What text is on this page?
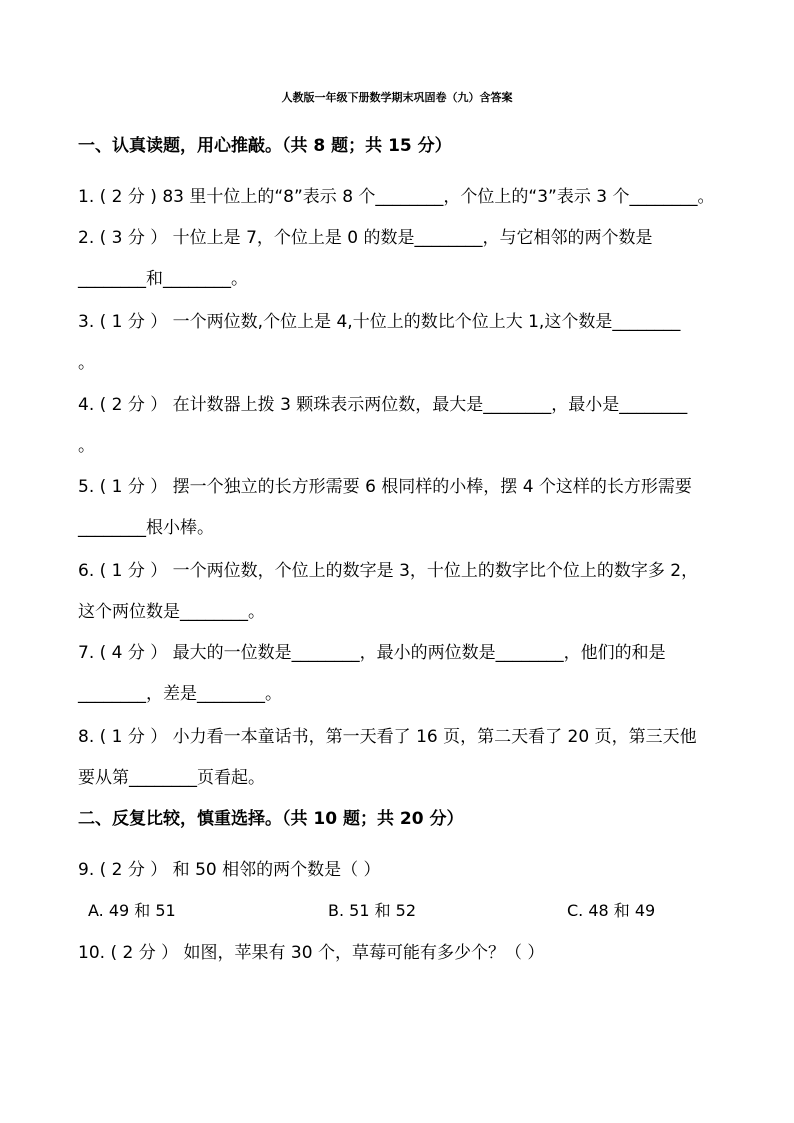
人教版一年级下册数学期末巩固卷（九）含答案
一、认真读题，用心推敲。（共 8 题；共 15 分）
1. ( 2 分 ) 83 里十位上的“8”表示 8 个________，个位上的“3”表示 3 个________。
2. ( 3 分 ） 十位上是 7，个位上是 0 的数是________，与它相邻的两个数是
________和________。
3. ( 1 分 ） 一个两位数,个位上是 4,十位上的数比个位上大 1,这个数是________
。
4. ( 2 分 ） 在计数器上拨 3 颗珠表示两位数，最大是________，最小是________
。
5. ( 1 分 ） 摆一个独立的长方形需要 6 根同样的小棒，摆 4 个这样的长方形需要
________根小棒。
6. ( 1 分 ） 一个两位数，个位上的数字是 3，十位上的数字比个位上的数字多 2，
这个两位数是________。
7. ( 4 分 ） 最大的一位数是________，最小的两位数是________，他们的和是
________，差是________。
8. ( 1 分 ） 小力看一本童话书，第一天看了 16 页，第二天看了 20 页，第三天他
要从第________页看起。
二、反复比较，慎重选择。（共 10 题；共 20 分）
9. ( 2 分 ） 和 50 相邻的两个数是（ ）
A. 49 和 51	B. 51 和 52	C. 48 和 49
10. ( 2 分 ） 如图，苹果有 30 个，草莓可能有多少个？（ ）
